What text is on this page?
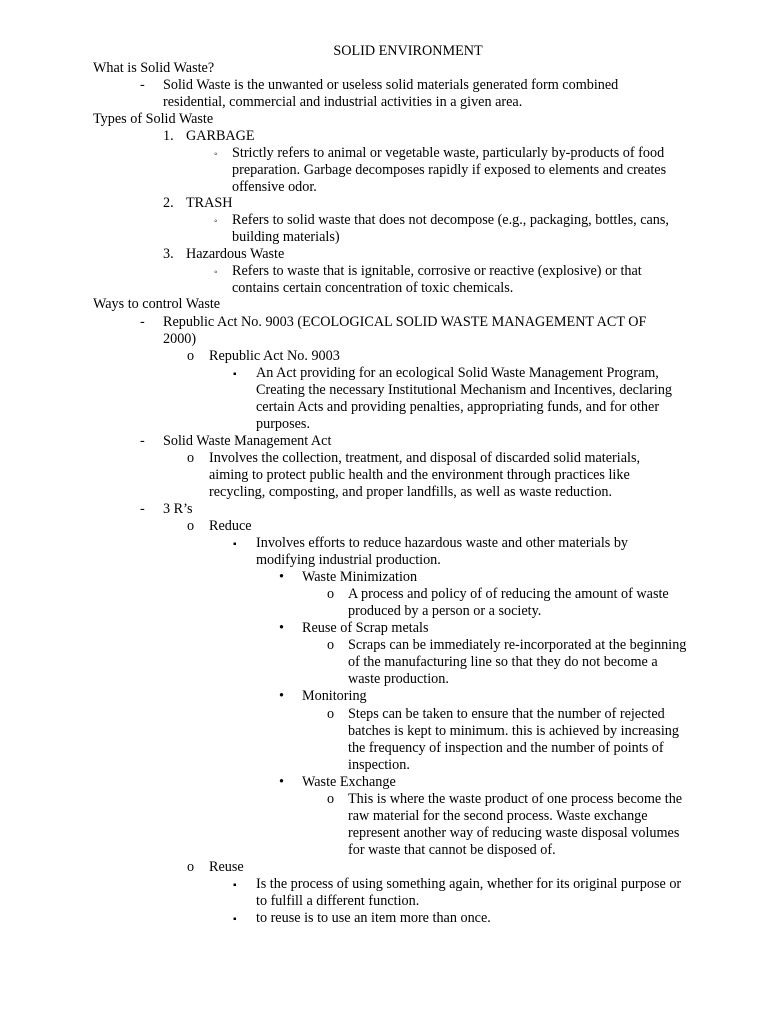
SOLID ENVIRONMENT
What is Solid Waste?
- Solid Waste is the unwanted or useless solid materials generated form combined
residential, commercial and industrial activities in a given area.
Types of Solid Waste
1. GARBAGE
◦ Strictly refers to animal or vegetable waste, particularly by-products of food
preparation. Garbage decomposes rapidly if exposed to elements and creates
offensive odor.
2. TRASH
◦ Refers to solid waste that does not decompose (e.g., packaging, bottles, cans,
building materials)
3. Hazardous Waste
◦ Refers to waste that is ignitable, corrosive or reactive (explosive) or that
contains certain concentration of toxic chemicals.
Ways to control Waste
- Republic Act No. 9003 (ECOLOGICAL SOLID WASTE MANAGEMENT ACT OF
2000)
o Republic Act No. 9003
▪ An Act providing for an ecological Solid Waste Management Program,
Creating the necessary Institutional Mechanism and Incentives, declaring
certain Acts and providing penalties, appropriating funds, and for other
purposes.
- Solid Waste Management Act
o Involves the collection, treatment, and disposal of discarded solid materials,
aiming to protect public health and the environment through practices like
recycling, composting, and proper landfills, as well as waste reduction.
- 3 R’s
o Reduce
▪ Involves efforts to reduce hazardous waste and other materials by
modifying industrial production.
• Waste Minimization
o A process and policy of of reducing the amount of waste
produced by a person or a society.
• Reuse of Scrap metals
o Scraps can be immediately re-incorporated at the beginning
of the manufacturing line so that they do not become a
waste production.
• Monitoring
o Steps can be taken to ensure that the number of rejected
batches is kept to minimum. this is achieved by increasing
the frequency of inspection and the number of points of
inspection.
• Waste Exchange
o This is where the waste product of one process become the
raw material for the second process. Waste exchange
represent another way of reducing waste disposal volumes
for waste that cannot be disposed of.
o Reuse
▪ Is the process of using something again, whether for its original purpose or
to fulfill a different function.
▪ to reuse is to use an item more than once.
